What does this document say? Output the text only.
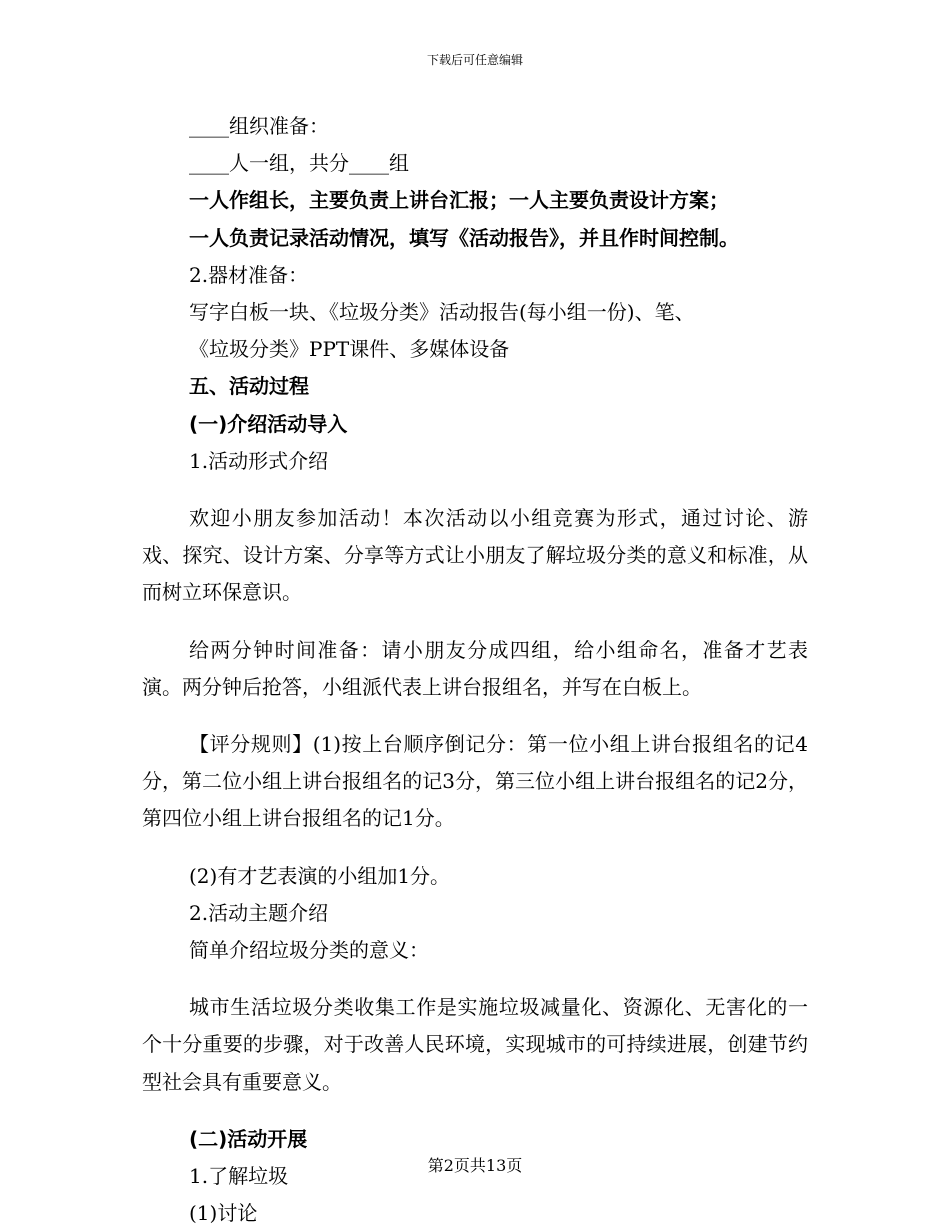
下载后可任意编辑

____组织准备：

____人一组，共分____组

一人作组长，主要负责上讲台汇报；一人主要负责设计方案；

一人负责记录活动情况，填写《活动报告》，并且作时间控制。

2.器材准备：

写字白板一块、《垃圾分类》活动报告(每小组一份)、笔、

《垃圾分类》PPT课件、多媒体设备

五、活动过程

(一)介绍活动导入

1.活动形式介绍

欢迎小朋友参加活动！本次活动以小组竞赛为形式，通过讨论、游戏、探究、设计方案、分享等方式让小朋友了解垃圾分类的意义和标准，从而树立环保意识。

给两分钟时间准备：请小朋友分成四组，给小组命名，准备才艺表演。两分钟后抢答，小组派代表上讲台报组名，并写在白板上。

【评分规则】(1)按上台顺序倒记分：第一位小组上讲台报组名的记4分，第二位小组上讲台报组名的记3分，第三位小组上讲台报组名的记2分，第四位小组上讲台报组名的记1分。

(2)有才艺表演的小组加1分。

2.活动主题介绍

简单介绍垃圾分类的意义：

城市生活垃圾分类收集工作是实施垃圾减量化、资源化、无害化的一个十分重要的步骤，对于改善人民环境，实现城市的可持续进展，创建节约型社会具有重要意义。

(二)活动开展

1.了解垃圾

(1)讨论

第2页共13页
